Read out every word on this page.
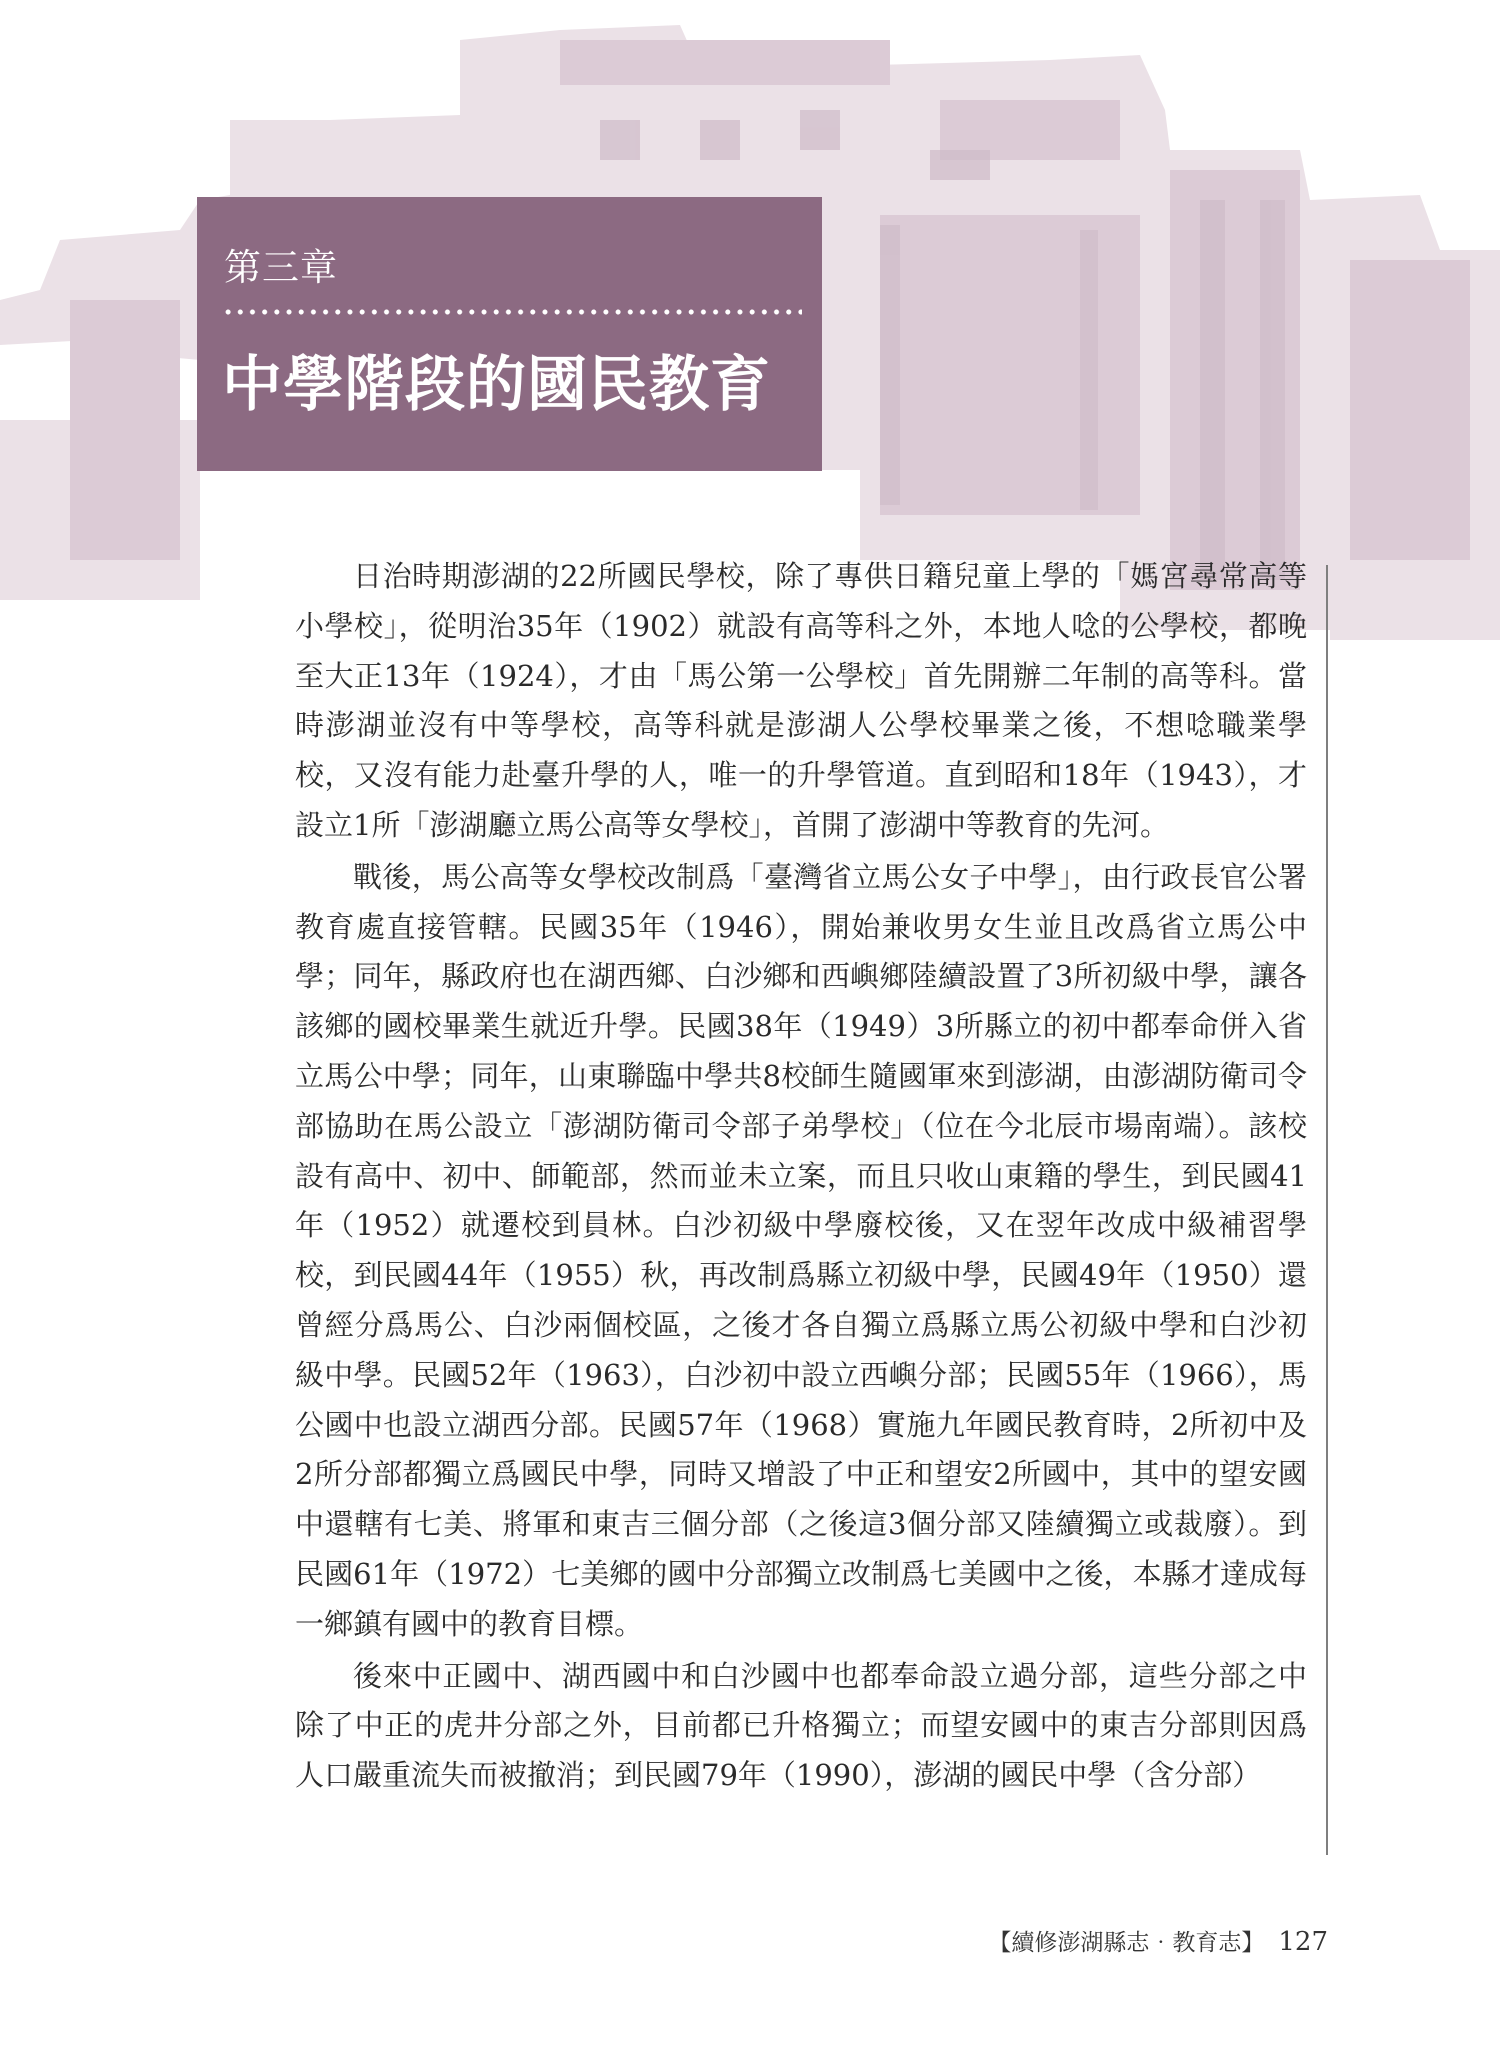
第三章
中學階段的國民教育

日治時期澎湖的22所國民學校，除了專供日籍兒童上學的「媽宮尋常高等小學校」，從明治35年（1902）就設有高等科之外，本地人唸的公學校，都晚至大正13年（1924），才由「馬公第一公學校」首先開辦二年制的高等科。當時澎湖並沒有中等學校，高等科就是澎湖人公學校畢業之後，不想唸職業學校，又沒有能力赴臺升學的人，唯一的升學管道。直到昭和18年（1943），才設立1所「澎湖廳立馬公高等女學校」，首開了澎湖中等教育的先河。

戰後，馬公高等女學校改制爲「臺灣省立馬公女子中學」，由行政長官公署教育處直接管轄。民國35年（1946），開始兼收男女生並且改爲省立馬公中學；同年，縣政府也在湖西鄉、白沙鄉和西嶼鄉陸續設置了3所初級中學，讓各該鄉的國校畢業生就近升學。民國38年（1949）3所縣立的初中都奉命併入省立馬公中學；同年，山東聯臨中學共8校師生隨國軍來到澎湖，由澎湖防衛司令部協助在馬公設立「澎湖防衛司令部子弟學校」（位在今北辰市場南端）。該校設有高中、初中、師範部，然而並未立案，而且只收山東籍的學生，到民國41年（1952）就遷校到員林。白沙初級中學廢校後，又在翌年改成中級補習學校，到民國44年（1955）秋，再改制爲縣立初級中學，民國49年（1950）還曾經分爲馬公、白沙兩個校區，之後才各自獨立爲縣立馬公初級中學和白沙初級中學。民國52年（1963），白沙初中設立西嶼分部；民國55年（1966），馬公國中也設立湖西分部。民國57年（1968）實施九年國民教育時，2所初中及2所分部都獨立爲國民中學，同時又增設了中正和望安2所國中，其中的望安國中還轄有七美、將軍和東吉三個分部（之後這3個分部又陸續獨立或裁廢）。到民國61年（1972）七美鄉的國中分部獨立改制爲七美國中之後，本縣才達成每一鄉鎮有國中的教育目標。

後來中正國中、湖西國中和白沙國中也都奉命設立過分部，這些分部之中除了中正的虎井分部之外，目前都已升格獨立；而望安國中的東吉分部則因爲人口嚴重流失而被撤消；到民國79年（1990），澎湖的國民中學（含分部）

【續修澎湖縣志‧教育志】 127
